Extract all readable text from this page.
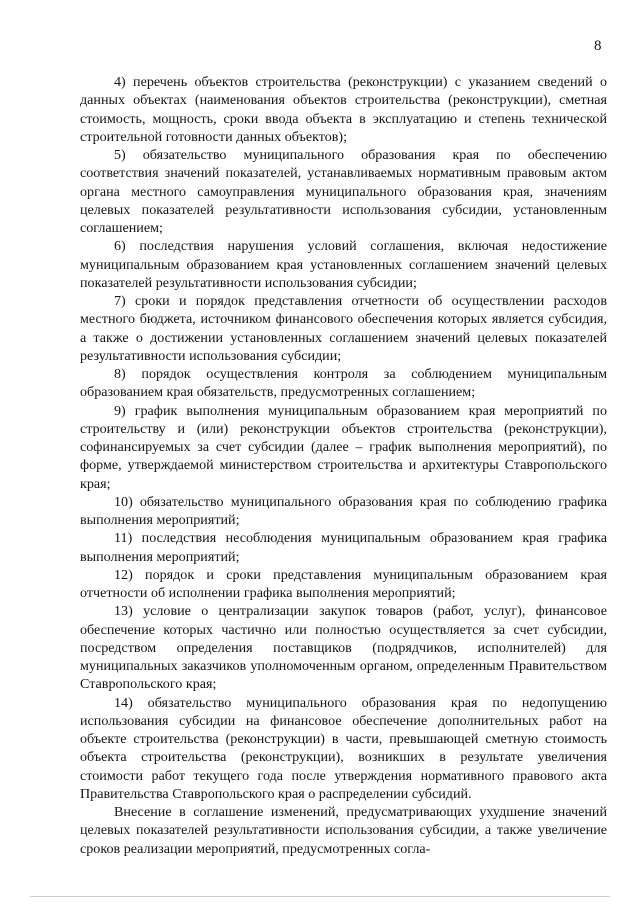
8

4) перечень объектов строительства (реконструкции) с указанием сведений о данных объектах (наименования объектов строительства (реконструкции), сметная стоимость, мощность, сроки ввода объекта в эксплуатацию и степень технической строительной готовности данных объектов);

5) обязательство муниципального образования края по обеспечению соответствия значений показателей, устанавливаемых нормативным правовым актом органа местного самоуправления муниципального образования края, значениям целевых показателей результативности использования субсидии, установленным соглашением;

6) последствия нарушения условий соглашения, включая недостижение муниципальным образованием края установленных соглашением значений целевых показателей результативности использования субсидии;

7) сроки и порядок представления отчетности об осуществлении расходов местного бюджета, источником финансового обеспечения которых является субсидия, а также о достижении установленных соглашением значений целевых показателей результативности использования субсидии;

8) порядок осуществления контроля за соблюдением муниципальным образованием края обязательств, предусмотренных соглашением;

9) график выполнения муниципальным образованием края мероприятий по строительству и (или) реконструкции объектов строительства (реконструкции), софинансируемых за счет субсидии (далее – график выполнения мероприятий), по форме, утверждаемой министерством строительства и архитектуры Ставропольского края;

10) обязательство муниципального образования края по соблюдению графика выполнения мероприятий;

11) последствия несоблюдения муниципальным образованием края графика выполнения мероприятий;

12) порядок и сроки представления муниципальным образованием края отчетности об исполнении графика выполнения мероприятий;

13) условие о централизации закупок товаров (работ, услуг), финансовое обеспечение которых частично или полностью осуществляется за счет субсидии, посредством определения поставщиков (подрядчиков, исполнителей) для муниципальных заказчиков уполномоченным органом, определенным Правительством Ставропольского края;

14) обязательство муниципального образования края по недопущению использования субсидии на финансовое обеспечение дополнительных работ на объекте строительства (реконструкции) в части, превышающей сметную стоимость объекта строительства (реконструкции), возникших в результате увеличения стоимости работ текущего года после утверждения нормативного правового акта Правительства Ставропольского края о распределении субсидий.

Внесение в соглашение изменений, предусматривающих ухудшение значений целевых показателей результативности использования субсидии, а также увеличение сроков реализации мероприятий, предусмотренных согла-
